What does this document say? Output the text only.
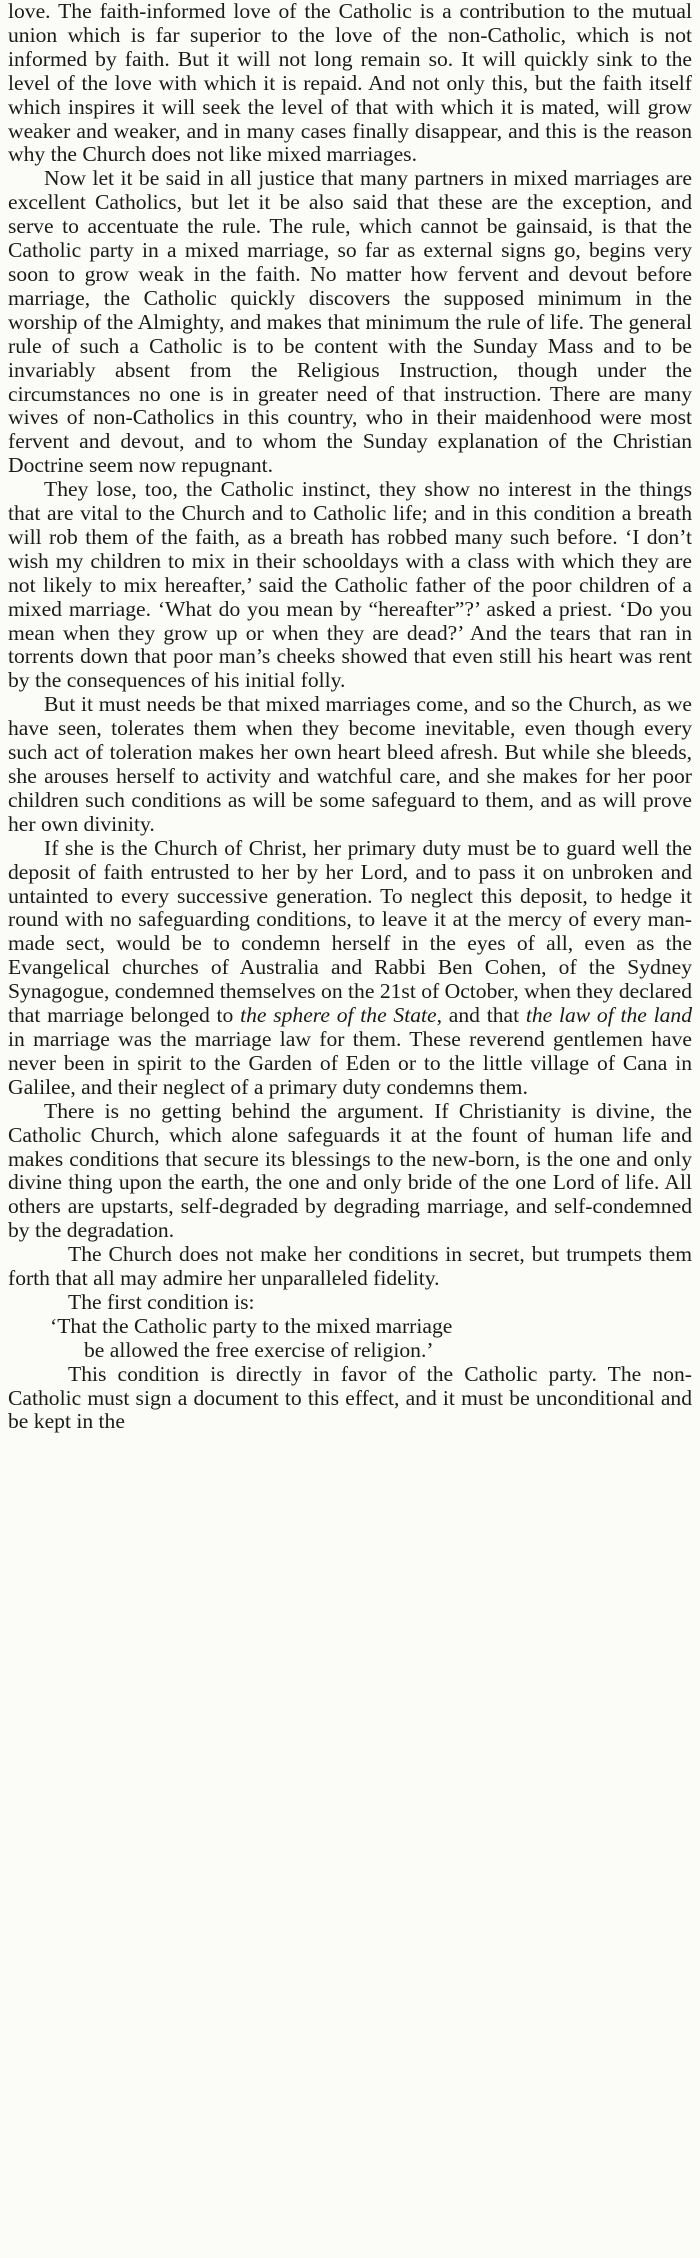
love. The faith-informed love of the Catholic is a contribution to the mutual union which is far superior to the love of the non-Catholic, which is not informed by faith. But it will not long remain so. It will quickly sink to the level of the love with which it is repaid. And not only this, but the faith itself which inspires it will seek the level of that with which it is mated, will grow weaker and weaker, and in many cases finally disappear, and this is the reason why the Church does not like mixed marriages.

Now let it be said in all justice that many partners in mixed marriages are excellent Catholics, but let it be also said that these are the exception, and serve to accentuate the rule. The rule, which cannot be gainsaid, is that the Catholic party in a mixed marriage, so far as external signs go, begins very soon to grow weak in the faith. No matter how fervent and devout before marriage, the Catholic quickly discovers the supposed minimum in the worship of the Almighty, and makes that minimum the rule of life. The general rule of such a Catholic is to be content with the Sunday Mass and to be invariably absent from the Religious Instruction, though under the circumstances no one is in greater need of that instruction. There are many wives of non-Catholics in this country, who in their maidenhood were most fervent and devout, and to whom the Sunday explanation of the Christian Doctrine seem now repugnant.

They lose, too, the Catholic instinct, they show no interest in the things that are vital to the Church and to Catholic life; and in this condition a breath will rob them of the faith, as a breath has robbed many such before. ‘I don’t wish my children to mix in their schooldays with a class with which they are not likely to mix hereafter,’ said the Catholic father of the poor children of a mixed marriage. ‘What do you mean by “hereafter”?’ asked a priest. ‘Do you mean when they grow up or when they are dead?’ And the tears that ran in torrents down that poor man’s cheeks showed that even still his heart was rent by the consequences of his initial folly.

But it must needs be that mixed marriages come, and so the Church, as we have seen, tolerates them when they become inevitable, even though every such act of toleration makes her own heart bleed afresh. But while she bleeds, she arouses herself to activity and watchful care, and she makes for her poor children such conditions as will be some safeguard to them, and as will prove her own divinity.

If she is the Church of Christ, her primary duty must be to guard well the deposit of faith entrusted to her by her Lord, and to pass it on unbroken and untainted to every successive generation. To neglect this deposit, to hedge it round with no safeguarding conditions, to leave it at the mercy of every man-made sect, would be to condemn herself in the eyes of all, even as the Evangelical churches of Australia and Rabbi Ben Cohen, of the Sydney Synagogue, condemned themselves on the 21st of October, when they declared that marriage belonged to the sphere of the State, and that the law of the land in marriage was the marriage law for them. These reverend gentlemen have never been in spirit to the Garden of Eden or to the little village of Cana in Galilee, and their neglect of a primary duty condemns them.

There is no getting behind the argument. If Christianity is divine, the Catholic Church, which alone safeguards it at the fount of human life and makes conditions that secure its blessings to the new-born, is the one and only divine thing upon the earth, the one and only bride of the one Lord of life. All others are upstarts, self-degraded by degrading marriage, and self-condemned by the degradation.

The Church does not make her conditions in secret, but trumpets them forth that all may admire her unparalleled fidelity.

The first condition is:

‘That the Catholic party to the mixed marriage
be allowed the free exercise of religion.’

This condition is directly in favor of the Catholic party. The non-Catholic must sign a document to this effect, and it must be unconditional and be kept in the
